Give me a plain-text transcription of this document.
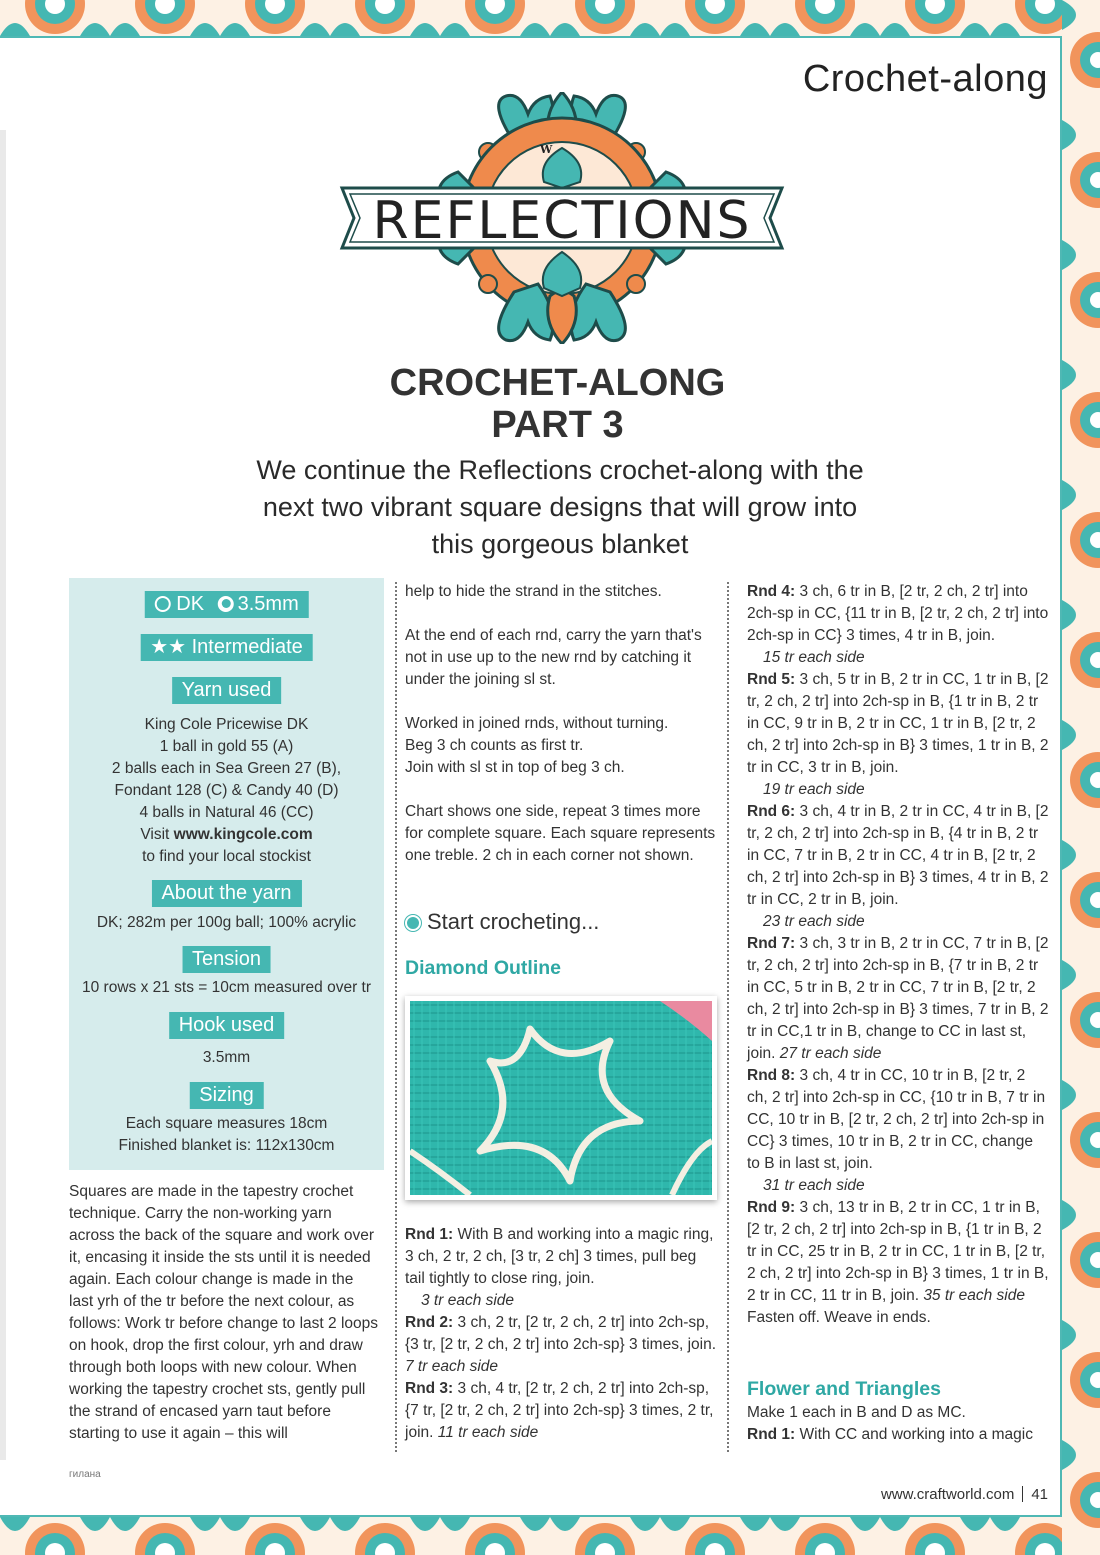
Crochet-along
W
REFLECTIONS
CROCHET-ALONG
PART 3
We continue the Reflections crochet-along with the next two vibrant square designs that will grow into this gorgeous blanket
DK 3.5mm
★★ Intermediate
Yarn used
King Cole Pricewise DK
1 ball in gold 55 (A)
2 balls each in Sea Green 27 (B),
Fondant 128 (C) & Candy 40 (D)
4 balls in Natural 46 (CC)
Visit www.kingcole.com
to find your local stockist
About the yarn
DK; 282m per 100g ball; 100% acrylic
Tension
10 rows x 21 sts = 10cm measured over tr
Hook used
3.5mm
Sizing
Each square measures 18cm
Finished blanket is: 112x130cm
Squares are made in the tapestry crochet technique. Carry the non-working yarn across the back of the square and work over it, encasing it inside the sts until it is needed again. Each colour change is made in the last yrh of the tr before the next colour, as follows: Work tr before change to last 2 loops on hook, drop the first colour, yrh and draw through both loops with new colour. When working the tapestry crochet sts, gently pull the strand of encased yarn taut before starting to use it again – this will

help to hide the strand in the stitches.

At the end of each rnd, carry the yarn that's not in use up to the new rnd by catching it under the joining sl st.

Worked in joined rnds, without turning.
Beg 3 ch counts as first tr.
Join with sl st in top of beg 3 ch.

Chart shows one side, repeat 3 times more for complete square. Each square represents one treble. 2 ch in each corner not shown.

Start crocheting...
Diamond Outline
Rnd 1: With B and working into a magic ring, 3 ch, 2 tr, 2 ch, [3 tr, 2 ch] 3 times, pull beg tail tightly to close ring, join.
3 tr each side
Rnd 2: 3 ch, 2 tr, [2 tr, 2 ch, 2 tr] into 2ch-sp, {3 tr, [2 tr, 2 ch, 2 tr] into 2ch-sp} 3 times, join. 7 tr each side
Rnd 3: 3 ch, 4 tr, [2 tr, 2 ch, 2 tr] into 2ch-sp, {7 tr, [2 tr, 2 ch, 2 tr] into 2ch-sp} 3 times, 2 tr, join. 11 tr each side
Rnd 4: 3 ch, 6 tr in B, [2 tr, 2 ch, 2 tr] into 2ch-sp in CC, {11 tr in B, [2 tr, 2 ch, 2 tr] into 2ch-sp in CC} 3 times, 4 tr in B, join.
15 tr each side
Rnd 5: 3 ch, 5 tr in B, 2 tr in CC, 1 tr in B, [2 tr, 2 ch, 2 tr] into 2ch-sp in B, {1 tr in B, 2 tr in CC, 9 tr in B, 2 tr in CC, 1 tr in B, [2 tr, 2 ch, 2 tr] into 2ch-sp in B} 3 times, 1 tr in B, 2 tr in CC, 3 tr in B, join.
19 tr each side
Rnd 6: 3 ch, 4 tr in B, 2 tr in CC, 4 tr in B, [2 tr, 2 ch, 2 tr] into 2ch-sp in B, {4 tr in B, 2 tr in CC, 7 tr in B, 2 tr in CC, 4 tr in B, [2 tr, 2 ch, 2 tr] into 2ch-sp in B} 3 times, 4 tr in B, 2 tr in CC, 2 tr in B, join.
23 tr each side
Rnd 7: 3 ch, 3 tr in B, 2 tr in CC, 7 tr in B, [2 tr, 2 ch, 2 tr] into 2ch-sp in B, {7 tr in B, 2 tr in CC, 5 tr in B, 2 tr in CC, 7 tr in B, [2 tr, 2 ch, 2 tr] into 2ch-sp in B} 3 times, 7 tr in B, 2 tr in CC,1 tr in B, change to CC in last st, join. 27 tr each side
Rnd 8: 3 ch, 4 tr in CC, 10 tr in B, [2 tr, 2 ch, 2 tr] into 2ch-sp in CC, {10 tr in B, 7 tr in CC, 10 tr in B, [2 tr, 2 ch, 2 tr] into 2ch-sp in CC} 3 times, 10 tr in B, 2 tr in CC, change to B in last st, join.
31 tr each side
Rnd 9: 3 ch, 13 tr in B, 2 tr in CC, 1 tr in B, [2 tr, 2 ch, 2 tr] into 2ch-sp in B, {1 tr in B, 2 tr in CC, 25 tr in B, 2 tr in CC, 1 tr in B, [2 tr, 2 ch, 2 tr] into 2ch-sp in B} 3 times, 1 tr in B, 2 tr in CC, 11 tr in B, join. 35 tr each side
Fasten off. Weave in ends.
Flower and Triangles
Make 1 each in B and D as MC.
Rnd 1: With CC and working into a magic
гилана
www.craftworld.com 41
